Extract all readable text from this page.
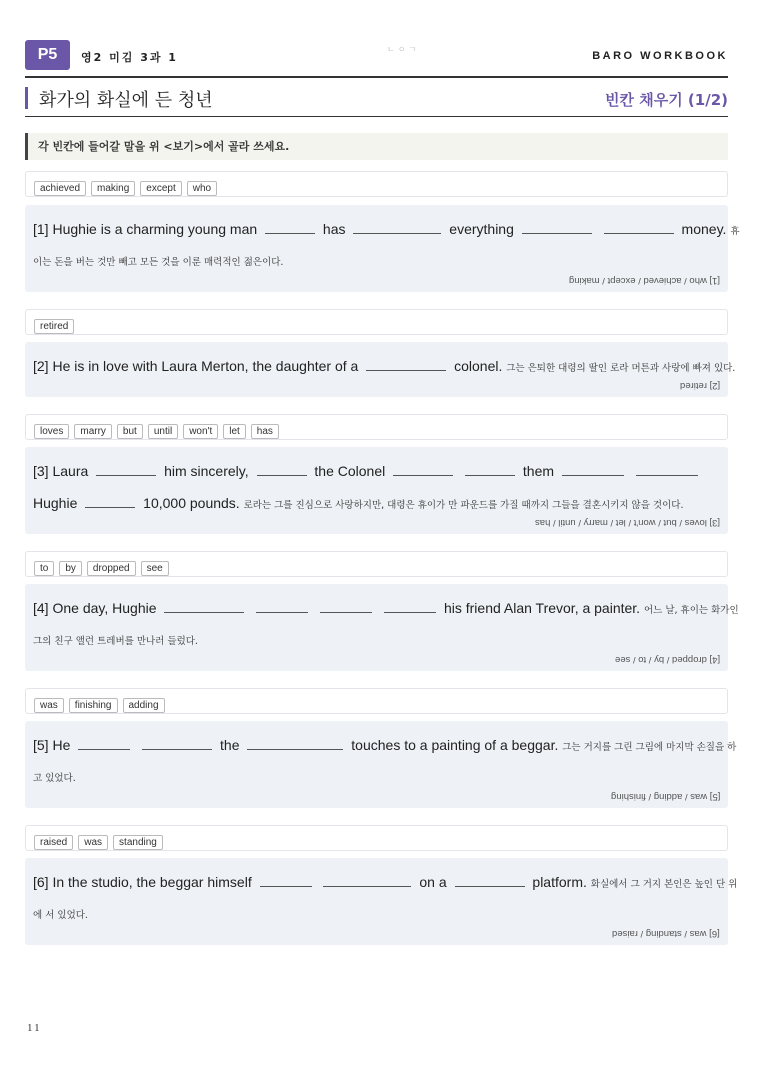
P5	영2 미김 3과 1
ㄴㅇㄱ
BARO WORKBOOK
화가의 화실에 든 청년	빈칸 채우기 (1/2)
각 빈칸에 들어갈 말을 위 <보기>에서 골라 쓰세요.
achieved making except who
[1] Hughie is a charming young man	has	everything	money. 휴
이는 돈을 버는 것만 빼고 모든 것을 이룬 매력적인 젊은이다.
[1] who / achieved / except / making
retired
[2] He is in love with Laura Merton, the daughter of a	colonel. 그는 은퇴한 대령의 딸인 로라 머튼과 사랑에 빠져 있다.
[2] retired
loves marry but until won't let has
[3] Laura	him sincerely,	the Colonel	them
Hughie	10,000 pounds. 로라는 그를 진심으로 사랑하지만, 대령은 휴이가 만 파운드를 가질 때까지 그들을 결혼시키지 않을 것이다.
[3] loves / but / won't / let / marry / until / has
to by dropped see
[4] One day, Hughie	his friend Alan Trevor, a painter. 어느 날, 휴이는 화가인
그의 친구 앨런 트레버를 만나러 들렀다.
[4] dropped / by / to / see
was finishing adding
[5] He	the	touches to a painting of a beggar. 그는 거지를 그린 그림에 마지막 손질을 하
고 있었다.
[5] was / adding / finishing
raised was standing
[6] In the studio, the beggar himself	on a	platform. 화실에서 그 거지 본인은 높인 단 위
에 서 있었다.
[6] was / standing / raised
11
